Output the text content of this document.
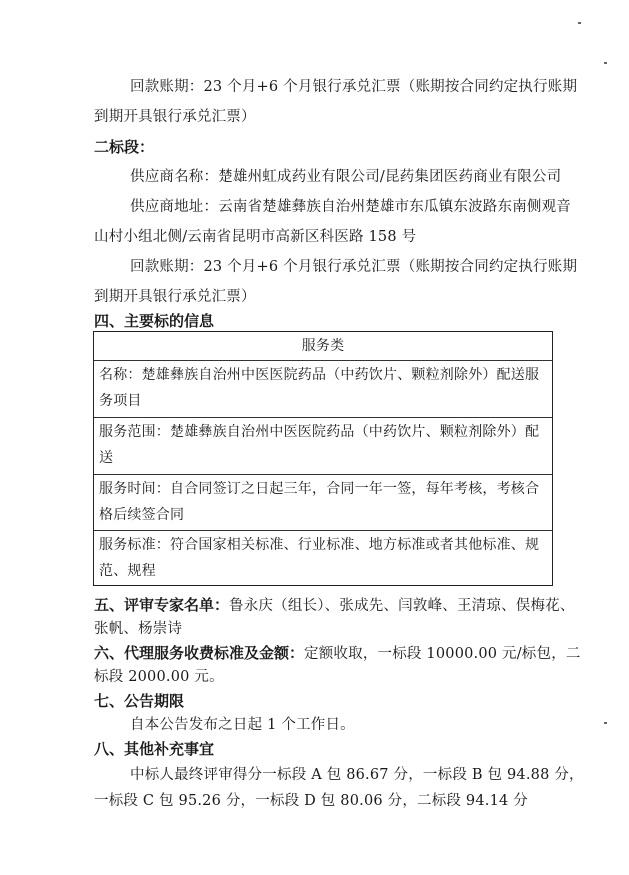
回款账期：23 个月+6 个月银行承兑汇票（账期按合同约定执行账期
到期开具银行承兑汇票）
二标段：
供应商名称：楚雄州虹成药业有限公司/昆药集团医药商业有限公司
供应商地址：云南省楚雄彝族自治州楚雄市东瓜镇东波路东南侧观音
山村小组北侧/云南省昆明市高新区科医路 158 号
回款账期：23 个月+6 个月银行承兑汇票（账期按合同约定执行账期
到期开具银行承兑汇票）
四、主要标的信息
服务类
名称：楚雄彝族自治州中医医院药品（中药饮片、颗粒剂除外）配送服务项目
服务范围：楚雄彝族自治州中医医院药品（中药饮片、颗粒剂除外）配送
服务时间：自合同签订之日起三年，合同一年一签，每年考核，考核合格后续签合同
服务标准：符合国家相关标准、行业标准、地方标准或者其他标准、规范、规程
五、评审专家名单：鲁永庆（组长）、张成先、闫敦峰、王清琼、俣梅花、
张帆、杨崇诗
六、代理服务收费标准及金额：定额收取，一标段 10000.00 元/标包，二
标段 2000.00 元。
七、公告期限
自本公告发布之日起 1 个工作日。
八、其他补充事宜
中标人最终评审得分一标段 A 包 86.67 分，一标段 B 包 94.88 分，
一标段 C 包 95.26 分，一标段 D 包 80.06 分，二标段 94.14 分
